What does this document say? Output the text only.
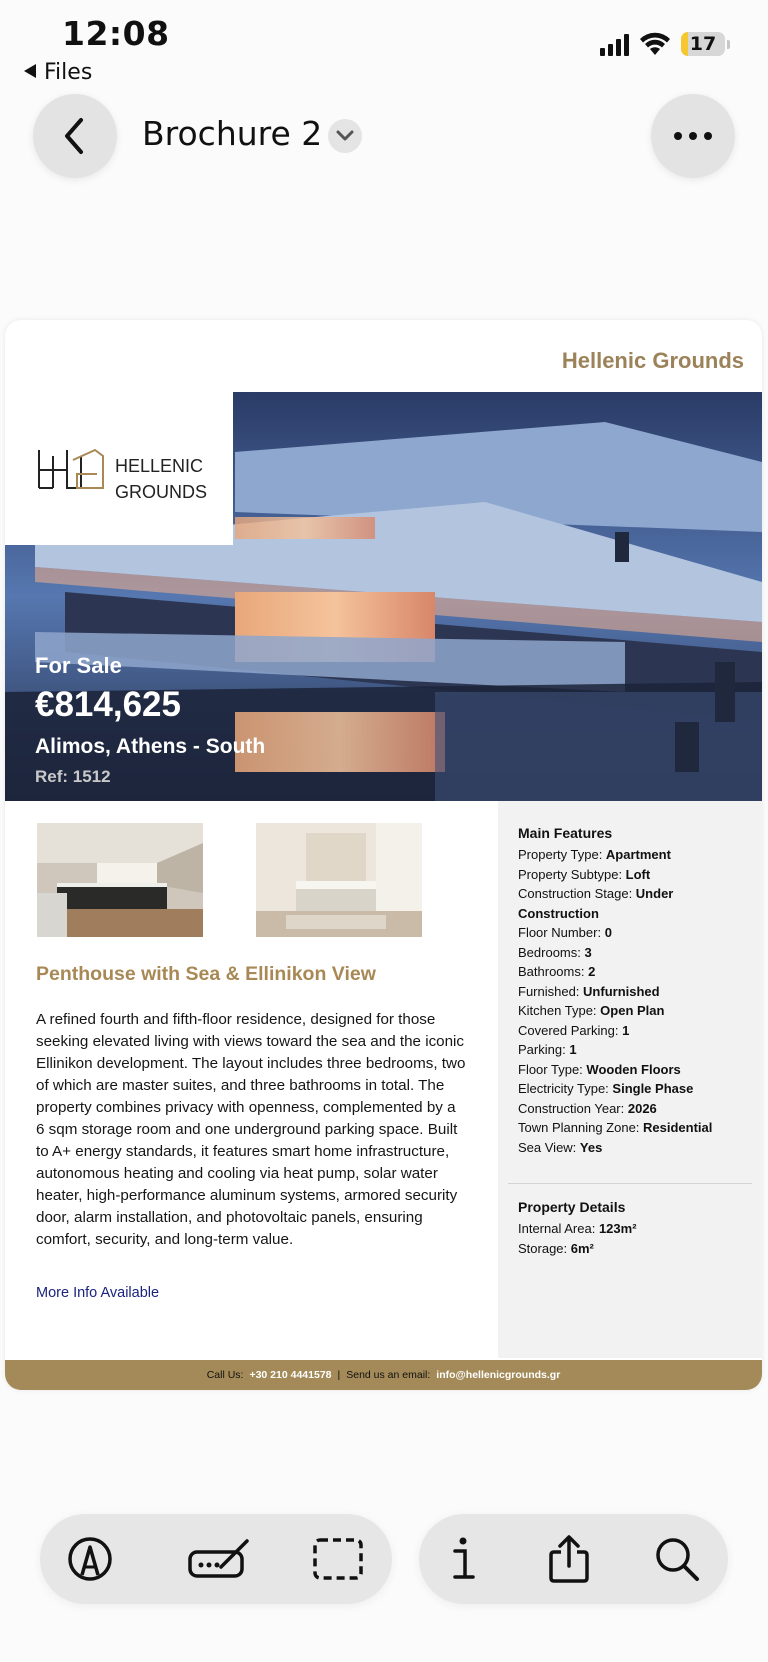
12:08
Files
17
Brochure 2
Hellenic Grounds
HELLENIC
GROUNDS
For Sale
€814,625
Alimos, Athens - South
Ref: 1512
Penthouse with Sea & Ellinikon View
A refined fourth and fifth-floor residence, designed for those seeking elevated living with views toward the sea and the iconic Ellinikon development. The layout includes three bedrooms, two of which are master suites, and three bathrooms in total. The property combines privacy with openness, complemented by a 6 sqm storage room and one underground parking space. Built to A+ energy standards, it features smart home infrastructure, autonomous heating and cooling via heat pump, solar water heater, high-performance aluminum systems, armored security door, alarm installation, and photovoltaic panels, ensuring comfort, security, and long-term value.
More Info Available
Main Features
Property Type: Apartment
Property Subtype: Loft
Construction Stage: Under Construction
Floor Number: 0
Bedrooms: 3
Bathrooms: 2
Furnished: Unfurnished
Kitchen Type: Open Plan
Covered Parking: 1
Parking: 1
Floor Type: Wooden Floors
Electricity Type: Single Phase
Construction Year: 2026
Town Planning Zone: Residential
Sea View: Yes
Property Details
Internal Area: 123m²
Storage: 6m²
Call Us: +30 210 4441578 | Send us an email: info@hellenicgrounds.gr
